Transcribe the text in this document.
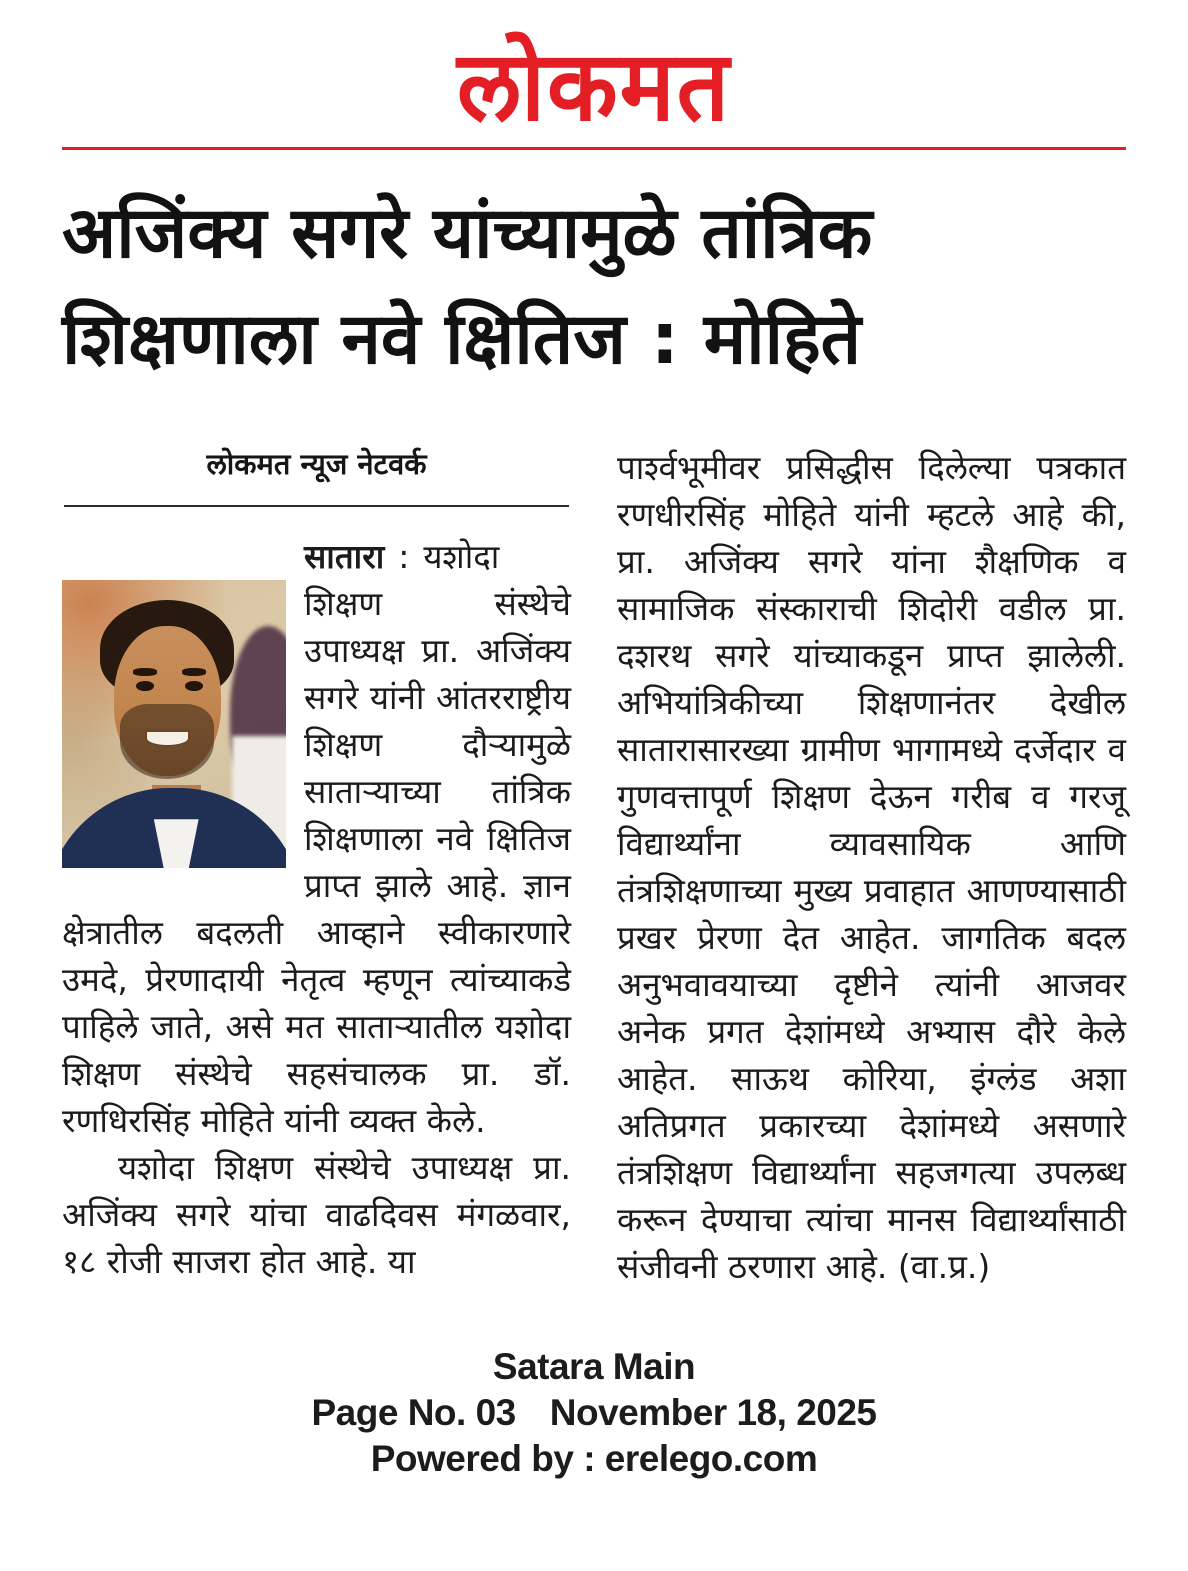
लोकमत
अजिंक्य सगरे यांच्यामुळे तांत्रिक
शिक्षणाला नवे क्षितिज : मोहिते
लोकमत न्यूज नेटवर्क

सातारा : यशोदा शिक्षण संस्थेचे उपाध्यक्ष प्रा. अजिंक्य सगरे यांनी आंतरराष्ट्रीय शिक्षण दौऱ्यामुळे साताऱ्याच्या तांत्रिक शिक्षणाला नवे क्षितिज प्राप्त झाले आहे. ज्ञान क्षेत्रातील बदलती आव्हाने स्वीकारणारे उमदे, प्रेरणादायी नेतृत्व म्हणून त्यांच्याकडे पाहिले जाते, असे मत साताऱ्यातील यशोदा शिक्षण संस्थेचे सहसंचालक प्रा. डॉ. रणधिरसिंह मोहिते यांनी व्यक्त केले.

यशोदा शिक्षण संस्थेचे उपाध्यक्ष प्रा. अजिंक्य सगरे यांचा वाढदिवस मंगळवार, १८ रोजी साजरा होत आहे. या

पार्श्वभूमीवर प्रसिद्धीस दिलेल्या पत्रकात रणधीरसिंह मोहिते यांनी म्हटले आहे की, प्रा. अजिंक्य सगरे यांना शैक्षणिक व सामाजिक संस्काराची शिदोरी वडील प्रा. दशरथ सगरे यांच्याकडून प्राप्त झालेली. अभियांत्रिकीच्या शिक्षणानंतर देखील सातारासारख्या ग्रामीण भागामध्ये दर्जेदार व गुणवत्तापूर्ण शिक्षण देऊन गरीब व गरजू विद्यार्थ्यांना व्यावसायिक आणि तंत्रशिक्षणाच्या मुख्य प्रवाहात आणण्यासाठी प्रखर प्रेरणा देत आहेत. जागतिक बदल अनुभवावयाच्या दृष्टीने त्यांनी आजवर अनेक प्रगत देशांमध्ये अभ्यास दौरे केले आहेत. साऊथ कोरिया, इंग्लंड अशा अतिप्रगत प्रकारच्या देशांमध्ये असणारे तंत्रशिक्षण विद्यार्थ्यांना सहजगत्या उपलब्ध करून देण्याचा त्यांचा मानस विद्यार्थ्यांसाठी संजीवनी ठरणारा आहे. (वा.प्र.)

Satara Main
Page No. 03 November 18, 2025
Powered by : erelego.com
